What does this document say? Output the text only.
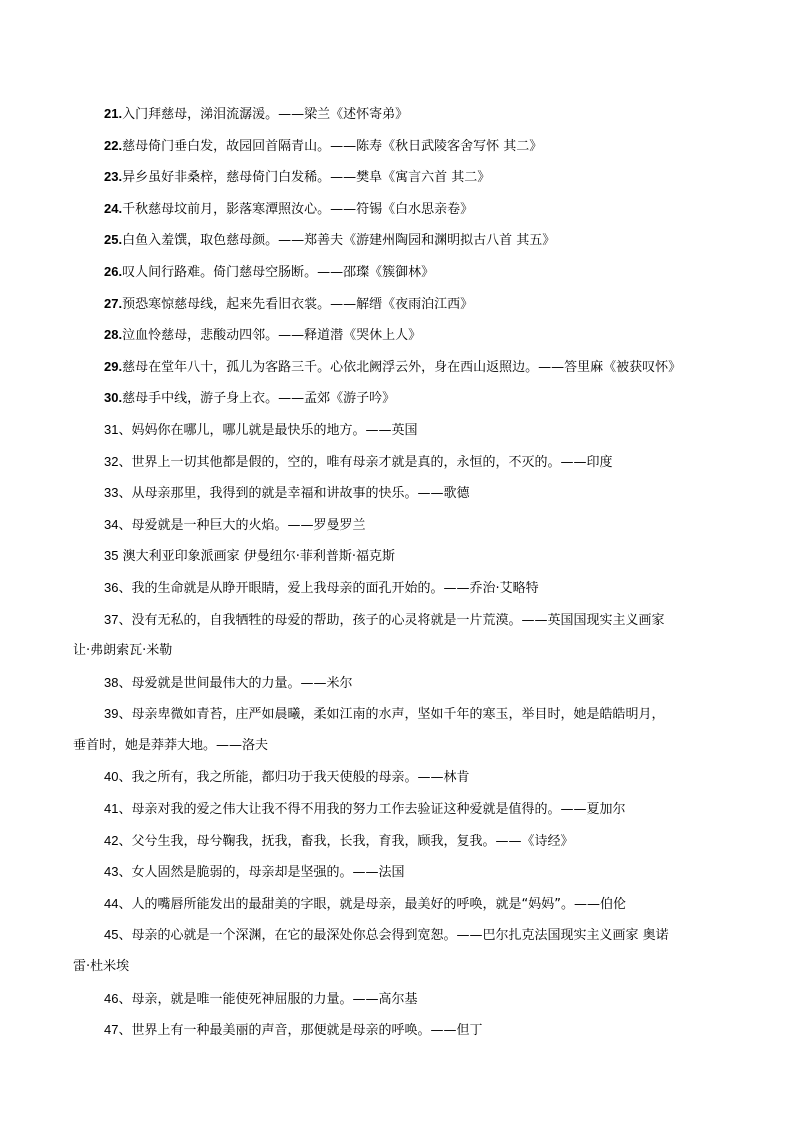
21.入门拜慈母，涕泪流潺湲。——梁兰《述怀寄弟》
22.慈母倚门垂白发，故园回首隔青山。——陈寿《秋日武陵客舍写怀 其二》
23.异乡虽好非桑梓，慈母倚门白发稀。——樊阜《寓言六首 其二》
24.千秋慈母坟前月，影落寒潭照汝心。——符锡《白水思亲卷》
25.白鱼入羞馔，取色慈母颜。——郑善夫《游建州陶园和渊明拟古八首 其五》
26.叹人间行路难。倚门慈母空肠断。——邵璨《簇御林》
27.预恐寒惊慈母线，起来先看旧衣裳。——解缙《夜雨泊江西》
28.泣血怜慈母，悲酸动四邻。——释道潜《哭休上人》
29.慈母在堂年八十，孤儿为客路三千。心依北阙浮云外，身在西山返照边。——答里麻《被获叹怀》
30.慈母手中线，游子身上衣。——孟郊《游子吟》
31、妈妈你在哪儿，哪儿就是最快乐的地方。——英国
32、世界上一切其他都是假的，空的，唯有母亲才就是真的，永恒的，不灭的。——印度
33、从母亲那里，我得到的就是幸福和讲故事的快乐。——歌德
34、母爱就是一种巨大的火焰。——罗曼罗兰
35 澳大利亚印象派画家 伊曼纽尔·菲利普斯·福克斯
36、我的生命就是从睁开眼睛，爱上我母亲的面孔开始的。——乔治·艾略特
37、没有无私的，自我牺牲的母爱的帮助，孩子的心灵将就是一片荒漠。——英国国现实主义画家
让·弗朗索瓦·米勒
38、母爱就是世间最伟大的力量。——米尔
39、母亲卑微如青苔，庄严如晨曦，柔如江南的水声，坚如千年的寒玉，举目时，她是皓皓明月，
垂首时，她是莽莽大地。——洛夫
40、我之所有，我之所能，都归功于我天使般的母亲。——林肯
41、母亲对我的爱之伟大让我不得不用我的努力工作去验证这种爱就是值得的。——夏加尔
42、父兮生我，母兮鞠我，抚我，畜我，长我，育我，顾我，复我。——《诗经》
43、女人固然是脆弱的，母亲却是坚强的。——法国
44、人的嘴唇所能发出的最甜美的字眼，就是母亲，最美好的呼唤，就是“妈妈”。——伯伦
45、母亲的心就是一个深渊，在它的最深处你总会得到宽恕。——巴尔扎克法国现实主义画家 奥诺
雷·杜米埃
46、母亲，就是唯一能使死神屈服的力量。——高尔基
47、世界上有一种最美丽的声音，那便就是母亲的呼唤。——但丁
